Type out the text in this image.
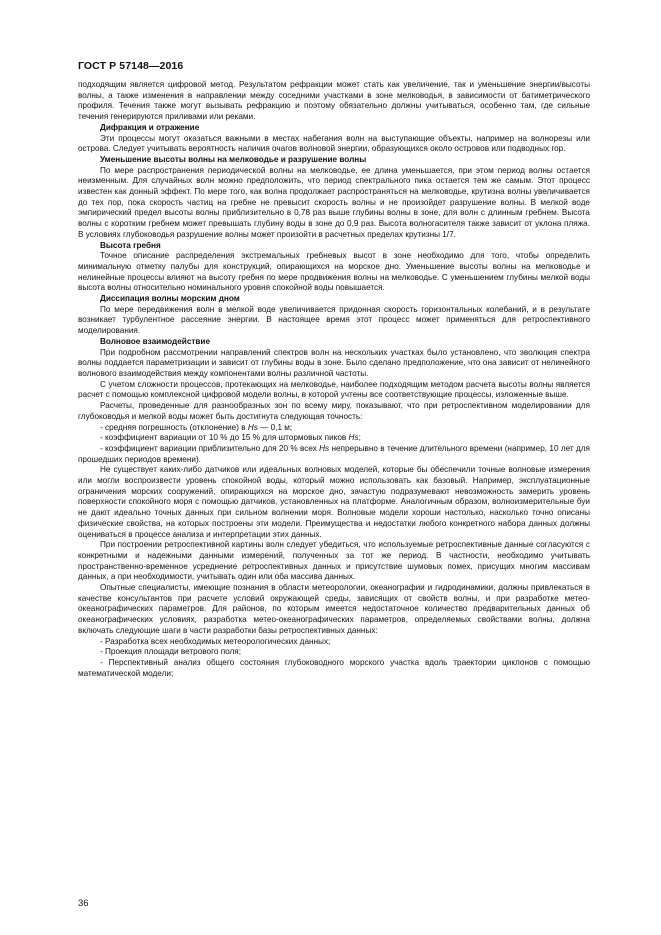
ГОСТ Р 57148—2016

подходящим является цифровой метод. Результатом рефракции может стать как увеличение, так и уменьшение энергии/высоты волны, а также изменения в направлении между соседними участками в зоне мелководья, в зависимости от батиметрического профиля. Течения также могут вызывать рефракцию и поэтому обязательно должны учитываться, особенно там, где сильные течения генерируются приливами или реками.

Дифракция и отражение

Эти процессы могут оказаться важными в местах набегания волн на выступающие объекты, например на волнорезы или острова. Следует учитывать вероятность наличия очагов волновой энергии, образующихся около островов или подводных гор.

Уменьшение высоты волны на мелководье и разрушение волны

По мере распространения периодической волны на мелководье, ее длина уменьшается, при этом период волны остается неизменным. Для случайных волн можно предположить, что период спектрального пика остается тем же самым. Этот процесс известен как донный эффект. По мере того, как волна продолжает распространяться на мелководье, крутизна волны увеличивается до тех пор, пока скорость частиц на гребне не превысит скорость волны и не произойдет разрушение волны. В мелкой воде эмпирический предел высоты волны приблизительно в 0,78 раз выше глубины волны в зоне, для волн с длинным гребнем. Высота волны с коротким гребнем может превышать глубину воды в зоне до 0,9 раз. Высота волногасителя также зависит от уклона пляжа. В условиях глубоководья разрушение волны может произойти в расчетных пределах крутизны 1/7.

Высота гребня

Точное описание распределения экстремальных гребневых высот в зоне необходимо для того, чтобы определить минимальную отметку палубы для конструкций, опирающихся на морское дно. Уменьшение высоты волны на мелководье и нелинейные процессы влияют на высоту гребня по мере продвижения волны на мелководье. С уменьшением глубины мелкой воды высота волны относительно номинального уровня спокойной воды повышается.

Диссипация волны морским дном

По мере передвижения волн в мелкой воде увеличивается придонная скорость горизонтальных колебаний, и в результате возникает турбулентное рассеяние энергии. В настоящее время этот процесс может применяться для ретроспективного моделирования.

Волновое взаимодействие

При подробном рассмотрении направлений спектров волн на нескольких участках было установлено, что эволюция спектра волны поддается параметризации и зависит от глубины воды в зоне. Было сделано предположение, что она зависит от нелинейного волнового взаимодействия между компонентами волны различной частоты.

С учетом сложности процессов, протекающих на мелководье, наиболее подходящим методом расчета высоты волны является расчет с помощью комплексной цифровой модели волны, в которой учтены все соответствующие процессы, изложенные выше.

Расчеты, проведенные для разнообразных зон по всему миру, показывают, что при ретроспективном моделировании для глубоководья и мелкой воды может быть достигнута следующая точность:

- средняя погрешность (отклонение) в Hs — 0,1 м;

- коэффициент вариации от 10 % до 15 % для штормовых пиков Hs;

- коэффициент вариации приблизительно для 20 % всех Hs непрерывно в течение длительного времени (например, 10 лет для прошедших периодов времени).

Не существует каких-либо датчиков или идеальных волновых моделей, которые бы обеспечили точные волновые измерения или могли воспроизвести уровень спокойной воды, который можно использовать как базовый. Например, эксплуатационные ограничения морских сооружений, опирающихся на морское дно, зачастую подразумевают невозможность замерить уровень поверхности спокойного моря с помощью датчиков, установленных на платформе. Аналогичным образом, волноизмерительные буи не дают идеально точных данных при сильном волнении моря. Волновые модели хороши настолько, насколько точно описаны физические свойства, на которых построены эти модели. Преимущества и недостатки любого конкретного набора данных должны оцениваться в процессе анализа и интерпретации этих данных.

При построении ретроспективной картины волн следует убедиться, что используемые ретроспективные данные согласуются с конкретными и надежными данными измерений, полученных за тот же период. В частности, необходимо учитывать пространственно-временное усреднение ретроспективных данных и присутствие шумовых помех, присущих многим массивам данных, а при необходимости, учитывать один или оба массива данных.

Опытные специалисты, имеющие познания в области метеорологии, океанографии и гидродинамики, должны привлекаться в качестве консультантов при расчете условий окружающей среды, зависящих от свойств волны, и при разработке метео-океанографических параметров. Для районов, по которым имеется недостаточное количество предварительных данных об океанографических условиях, разработка метео-океанографических параметров, определяемых свойствами волны, должна включать следующие шаги в части разработки базы ретроспективных данных:

- Разработка всех необходимых метеорологических данных;

- Проекция площади ветрового поля;

- Перспективный анализ общего состояния глубоководного морского участка вдоль траектории циклонов с помощью математической модели;

36
